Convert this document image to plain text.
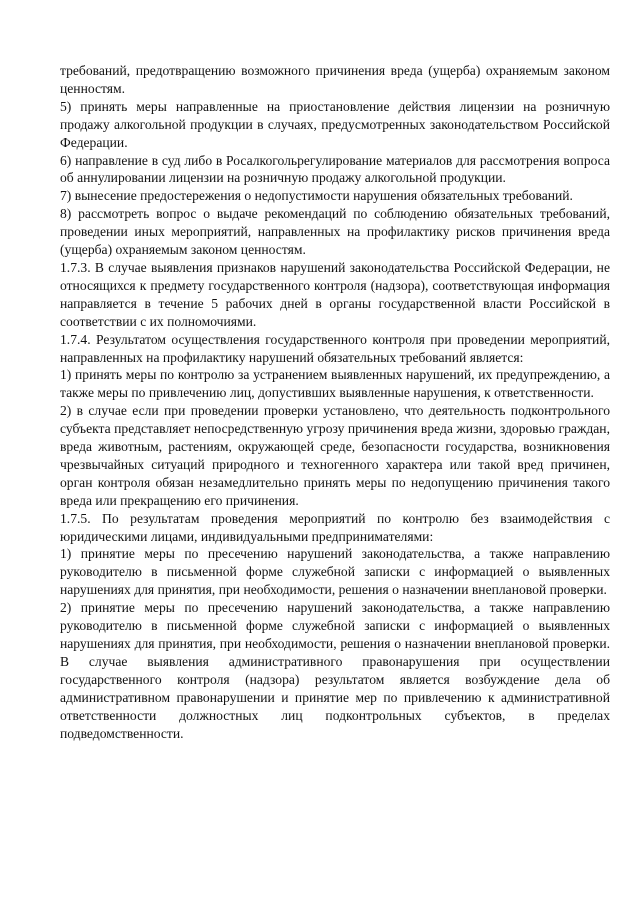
требований, предотвращению возможного причинения вреда (ущерба) охраняемым законом ценностям.

5) принять меры направленные на приостановление действия лицензии на розничную продажу алкогольной продукции в случаях, предусмотренных законодательством Российской Федерации.

6) направление в суд либо в Росалкогольрегулирование материалов для рассмотрения вопроса об аннулировании лицензии на розничную продажу алкогольной продукции.

7) вынесение предостережения о недопустимости нарушения обязательных требований.

8) рассмотреть вопрос о выдаче рекомендаций по соблюдению обязательных требований, проведении иных мероприятий, направленных на профилактику рисков причинения вреда (ущерба) охраняемым законом ценностям.

1.7.3. В случае выявления признаков нарушений законодательства Российской Федерации, не относящихся к предмету государственного контроля (надзора), соответствующая информация направляется в течение 5 рабочих дней в органы государственной власти Российской в соответствии с их полномочиями.

1.7.4. Результатом осуществления государственного контроля при проведении мероприятий, направленных на профилактику нарушений обязательных требований является:

1) принять меры по контролю за устранением выявленных нарушений, их предупреждению, а также меры по привлечению лиц, допустивших выявленные нарушения, к ответственности.

2) в случае если при проведении проверки установлено, что деятельность подконтрольного субъекта представляет непосредственную угрозу причинения вреда жизни, здоровью граждан, вреда животным, растениям, окружающей среде, безопасности государства, возникновения чрезвычайных ситуаций природного и техногенного характера или такой вред причинен, орган контроля обязан незамедлительно принять меры по недопущению причинения такого вреда или прекращению его причинения.

1.7.5. По результатам проведения мероприятий по контролю без взаимодействия с юридическими лицами, индивидуальными предпринимателями:

1) принятие меры по пресечению нарушений законодательства, а также направлению руководителю в письменной форме служебной записки с информацией о выявленных нарушениях для принятия, при необходимости, решения о назначении внеплановой проверки.

2) принятие меры по пресечению нарушений законодательства, а также направлению руководителю в письменной форме служебной записки с информацией о выявленных нарушениях для принятия, при необходимости, решения о назначении внеплановой проверки. В случае выявления административного правонарушения при осуществлении государственного контроля (надзора) результатом является возбуждение дела об административном правонарушении и принятие мер по привлечению к административной ответственности должностных лиц подконтрольных субъектов, в пределах подведомственности.
